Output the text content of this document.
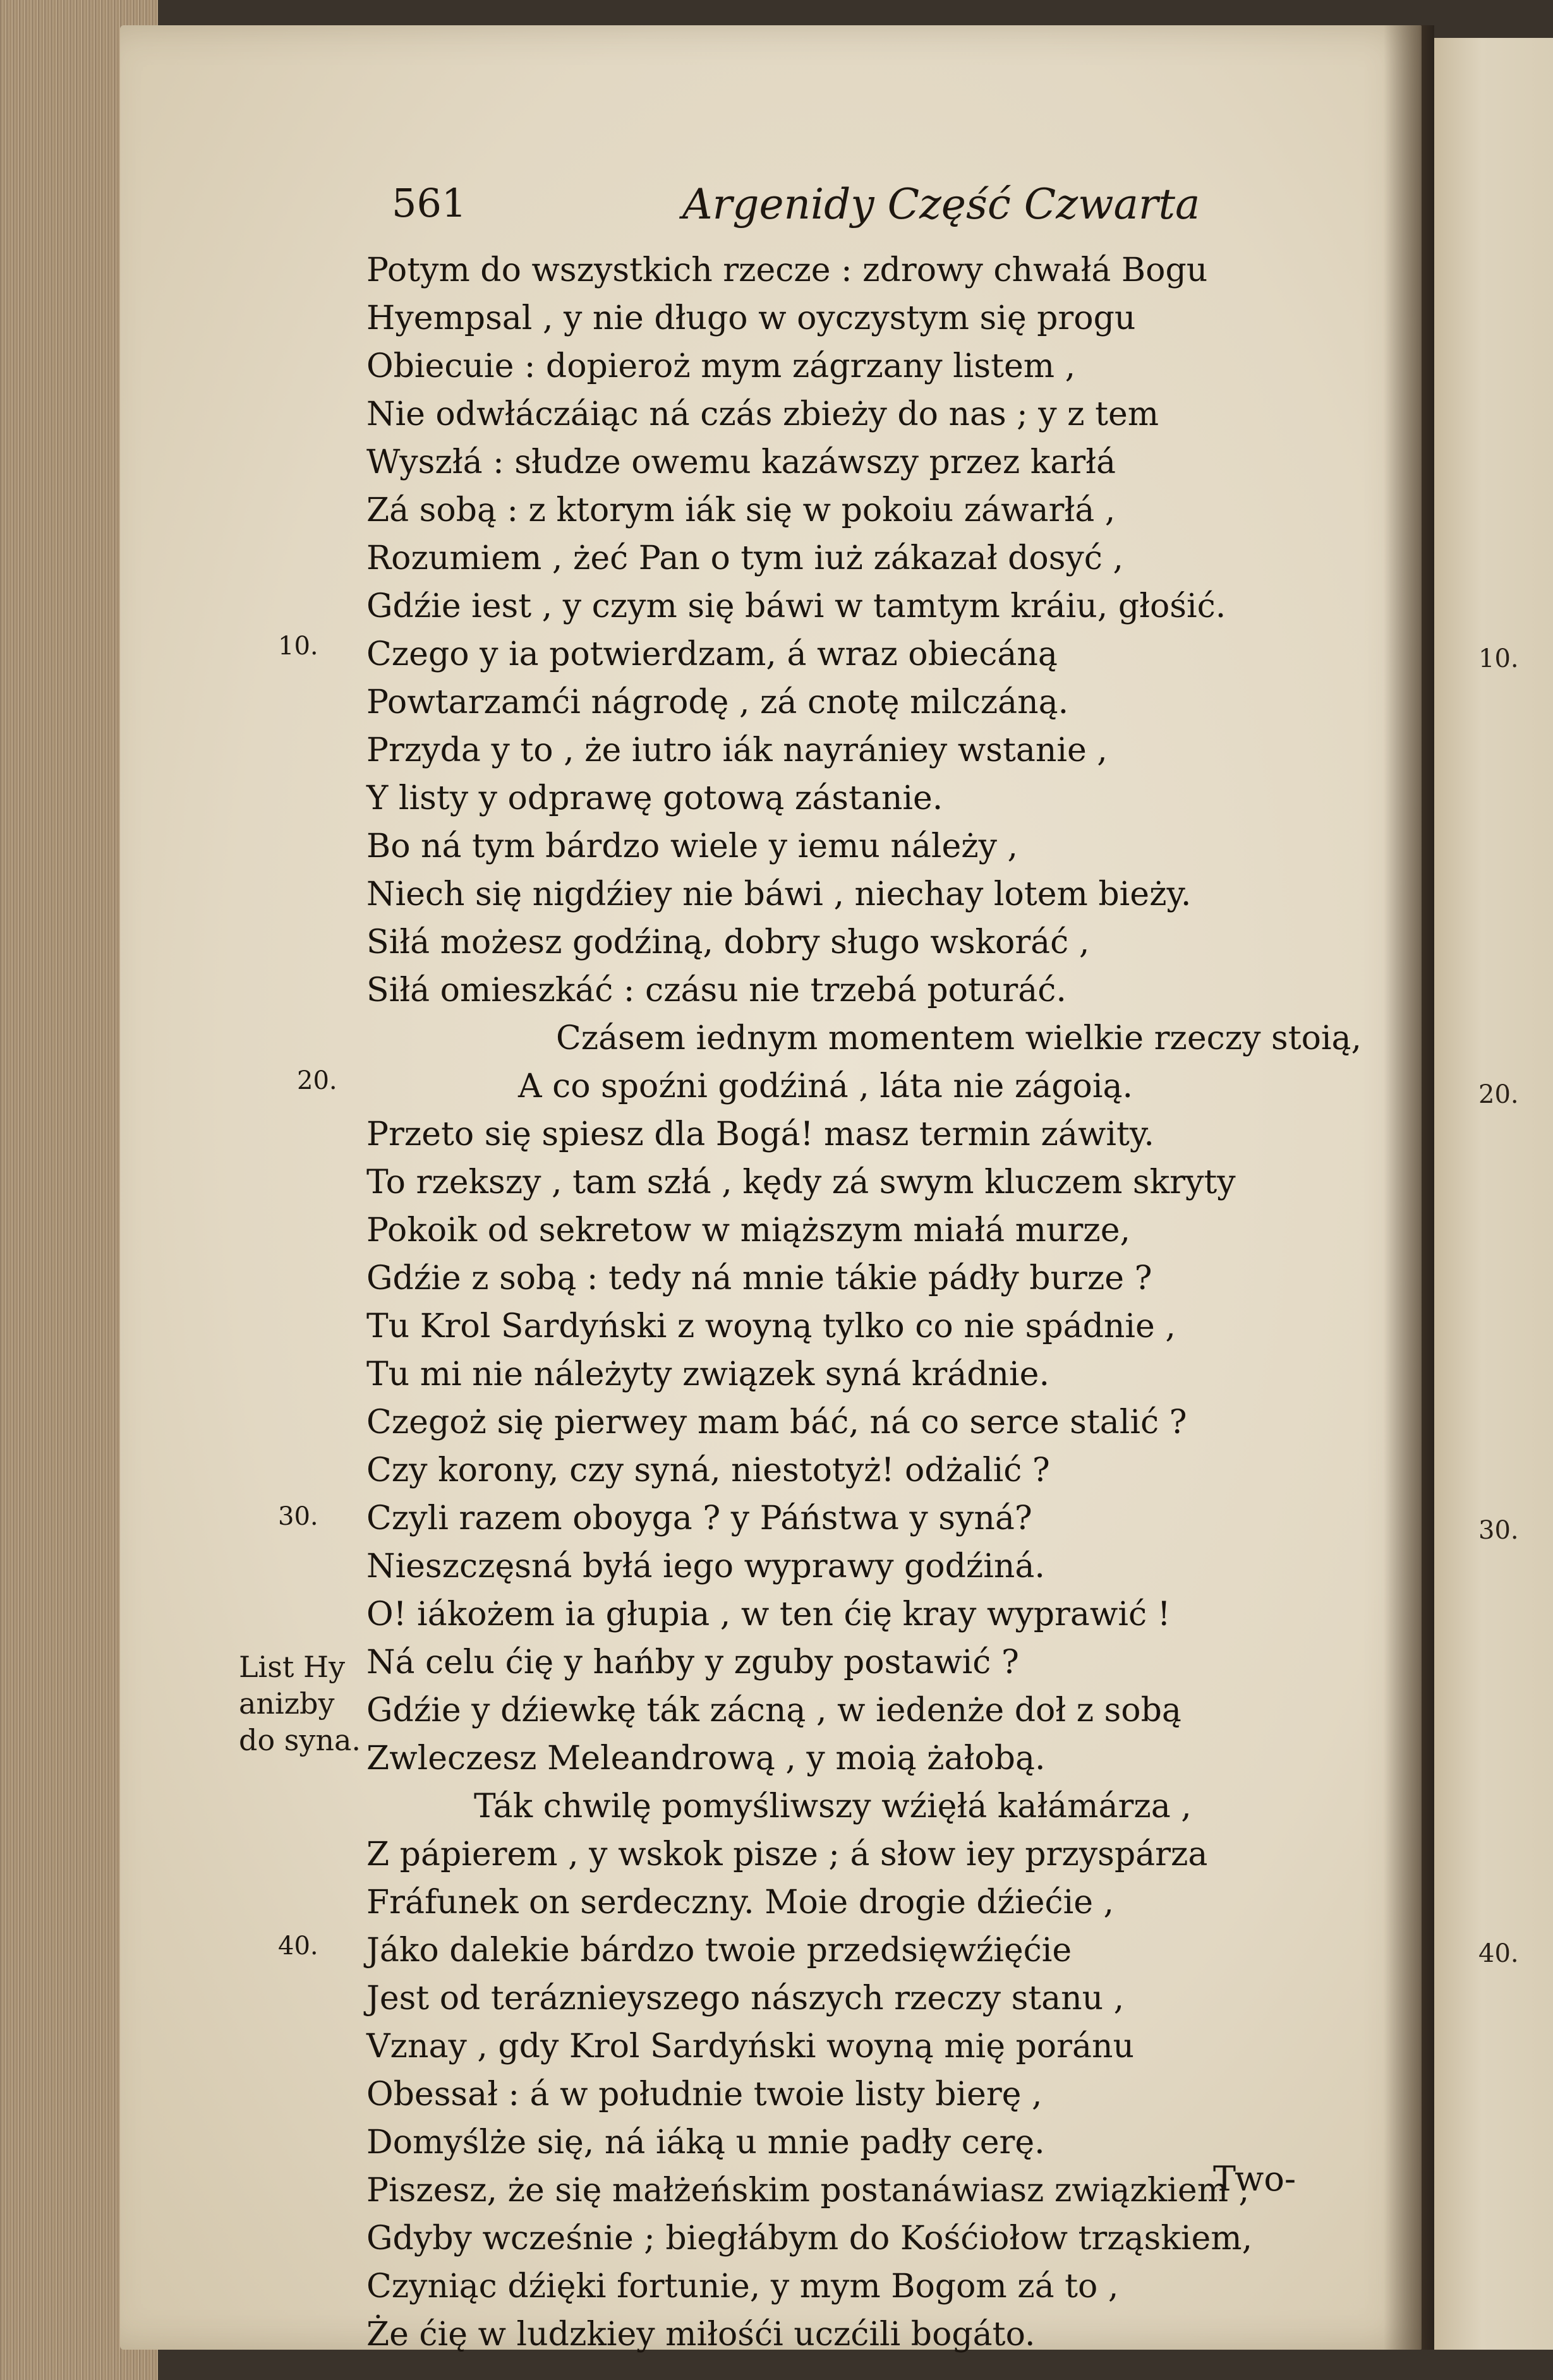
10.
20.
30.
40.
561	Argenidy Część Czwarta
10.
20.
30.
40.
List Hy
anizby
do syna.
Potym do wszystkich rzecze : zdrowy chwałá Bogu
Hyempsal , y nie długo w oyczystym się progu
Obiecuie : dopieroż mym zágrzany listem ,
Nie odwłáczáiąc ná czás zbieży do nas ; y z tem
Wyszłá : słudze owemu kazáwszy przez karłá
Zá sobą : z ktorym iák się w pokoiu záwarłá ,
Rozumiem , żeć Pan o tym iuż zákazał dosyć ,
Gdźie iest , y czym się báwi w tamtym kráiu, głośić.
Czego y ia potwierdzam, á wraz obiecáną
Powtarzamći nágrodę , zá cnotę milczáną.
Przyda y to , że iutro iák nayrániey wstanie ,
Y listy y odprawę gotową zástanie.
Bo ná tym bárdzo wiele y iemu náleży ,
Niech się nigdźiey nie báwi , niechay lotem bieży.
Siłá możesz godźiną, dobry sługo wskoráć ,
Siłá omieszkáć : czásu nie trzebá poturáć.
Czásem iednym momentem wielkie rzeczy stoią,
A co spoźni godźiná , láta nie zágoią.
Przeto się spiesz dla Bogá! masz termin záwity.
To rzekszy , tam szłá , kędy zá swym kluczem skryty
Pokoik od sekretow w miąższym miałá murze,
Gdźie z sobą : tedy ná mnie tákie pádły burze ?
Tu Krol Sardyński z woyną tylko co nie spádnie ,
Tu mi nie náleżyty związek syná krádnie.
Czegoż się pierwey mam báć, ná co serce stalić ?
Czy korony, czy syná, niestotyż! odżalić ?
Czyli razem oboyga ? y Páństwa y syná?
Nieszczęsná byłá iego wyprawy godźiná.
O! iákożem ia głupia , w ten ćię kray wyprawić !
Ná celu ćię y hańby y zguby postawić ?
Gdźie y dźiewkę ták zácną , w iedenże doł z sobą
Zwleczesz Meleandrową , y moią żałobą.
Ták chwilę pomyśliwszy wźięłá kałámárza ,
Z pápierem , y wskok pisze ; á słow iey przyspárza
Fráfunek on serdeczny. Moie drogie dźiećie ,
Jáko dalekie bárdzo twoie przedsięwźięćie
Jest od teráznieyszego nászych rzeczy stanu ,
Vznay , gdy Krol Sardyński woyną mię poránu
Obessał : á w południe twoie listy bierę ,
Domyślże się, ná iáką u mnie padły cerę.
Piszesz, że się małżeńskim postanáwiasz związkiem ,
Gdyby wcześnie ; biegłábym do Kośćiołow trząskiem,
Czyniąc dźięki fortunie, y mym Bogom zá to ,
Że ćię w ludzkiey miłośći uczćili bogáto.
Two-
